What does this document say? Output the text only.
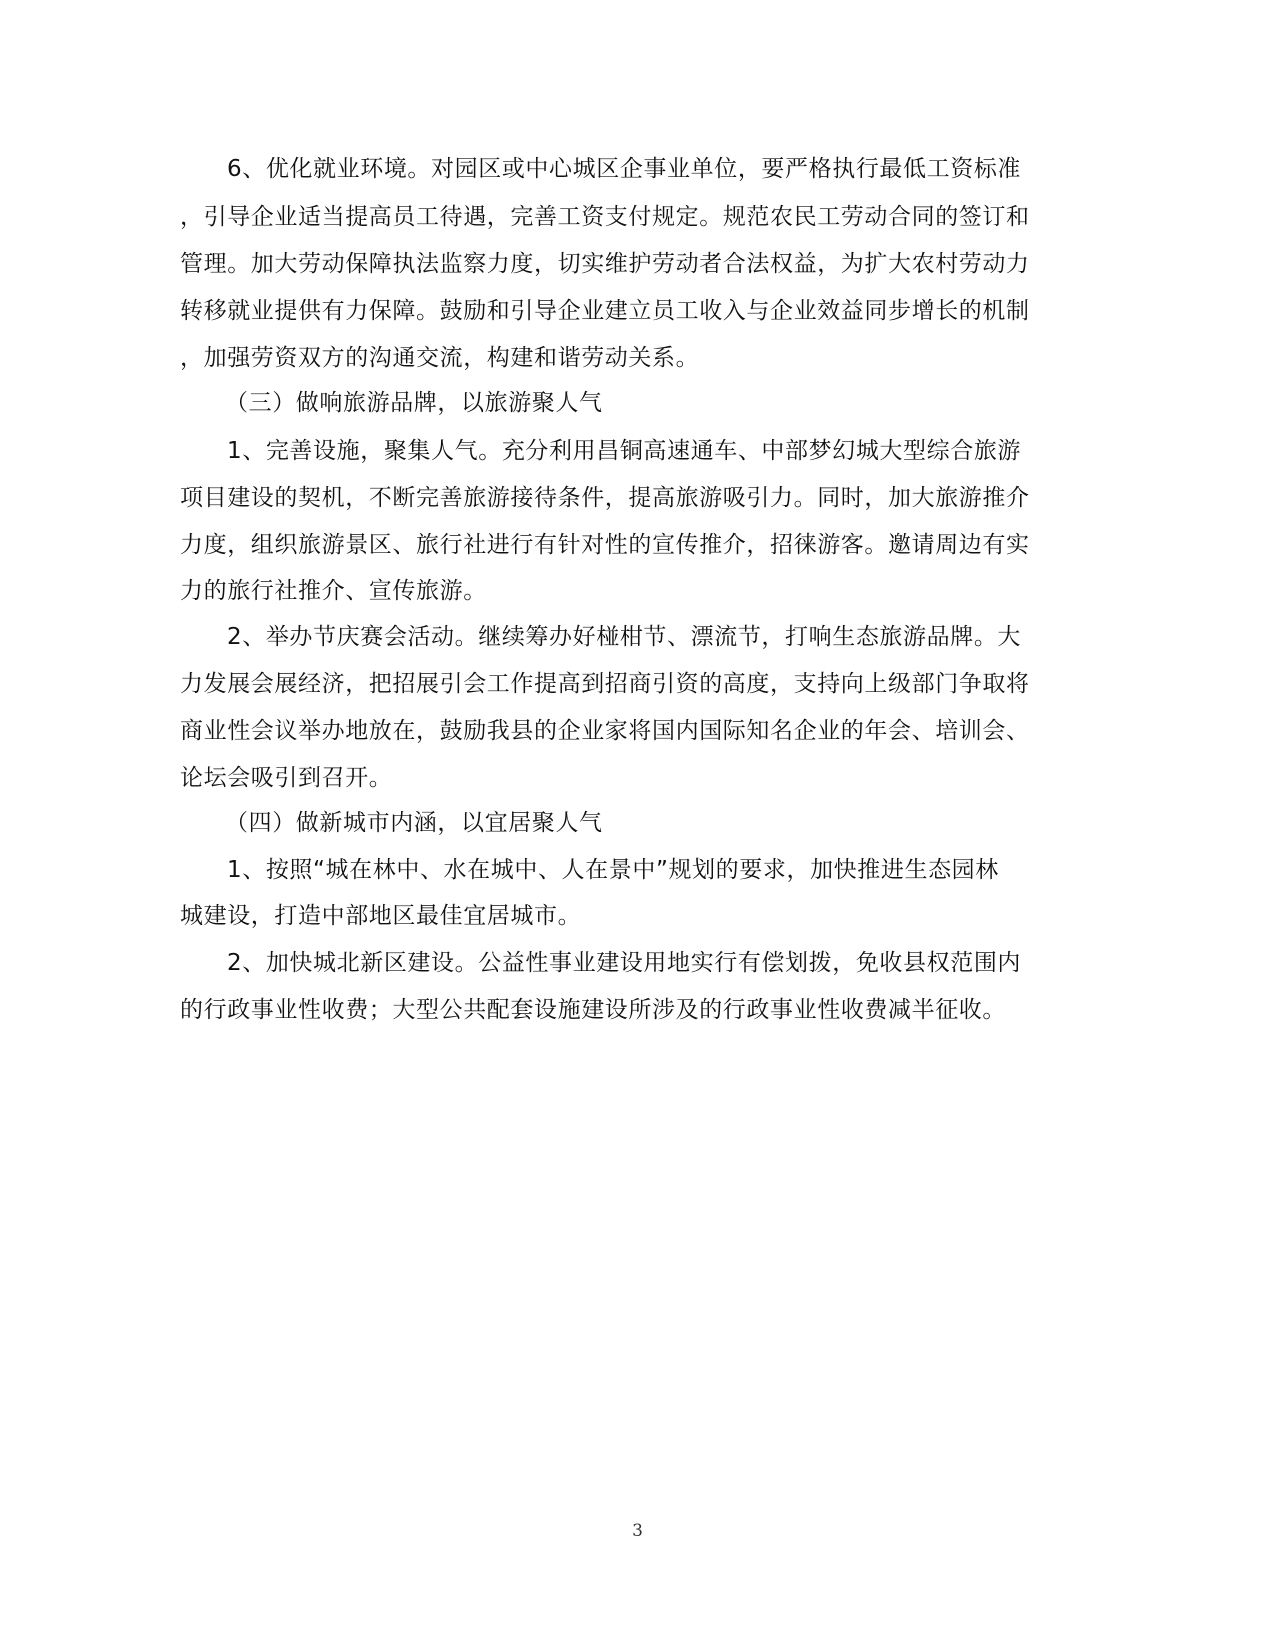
6、优化就业环境。对园区或中心城区企事业单位，要严格执行最低工资标准
，引导企业适当提高员工待遇，完善工资支付规定。规范农民工劳动合同的签订和
管理。加大劳动保障执法监察力度，切实维护劳动者合法权益，为扩大农村劳动力
转移就业提供有力保障。鼓励和引导企业建立员工收入与企业效益同步增长的机制
，加强劳资双方的沟通交流，构建和谐劳动关系。
（三）做响旅游品牌，以旅游聚人气
1、完善设施，聚集人气。充分利用昌铜高速通车、中部梦幻城大型综合旅游
项目建设的契机，不断完善旅游接待条件，提高旅游吸引力。同时，加大旅游推介
力度，组织旅游景区、旅行社进行有针对性的宣传推介，招徕游客。邀请周边有实
力的旅行社推介、宣传旅游。
2、举办节庆赛会活动。继续筹办好椪柑节、漂流节，打响生态旅游品牌。大
力发展会展经济，把招展引会工作提高到招商引资的高度，支持向上级部门争取将
商业性会议举办地放在，鼓励我县的企业家将国内国际知名企业的年会、培训会、
论坛会吸引到召开。
（四）做新城市内涵，以宜居聚人气
1、按照“城在林中、水在城中、人在景中”规划的要求，加快推进生态园林
城建设，打造中部地区最佳宜居城市。
2、加快城北新区建设。公益性事业建设用地实行有偿划拨，免收县权范围内
的行政事业性收费；大型公共配套设施建设所涉及的行政事业性收费减半征收。
3
